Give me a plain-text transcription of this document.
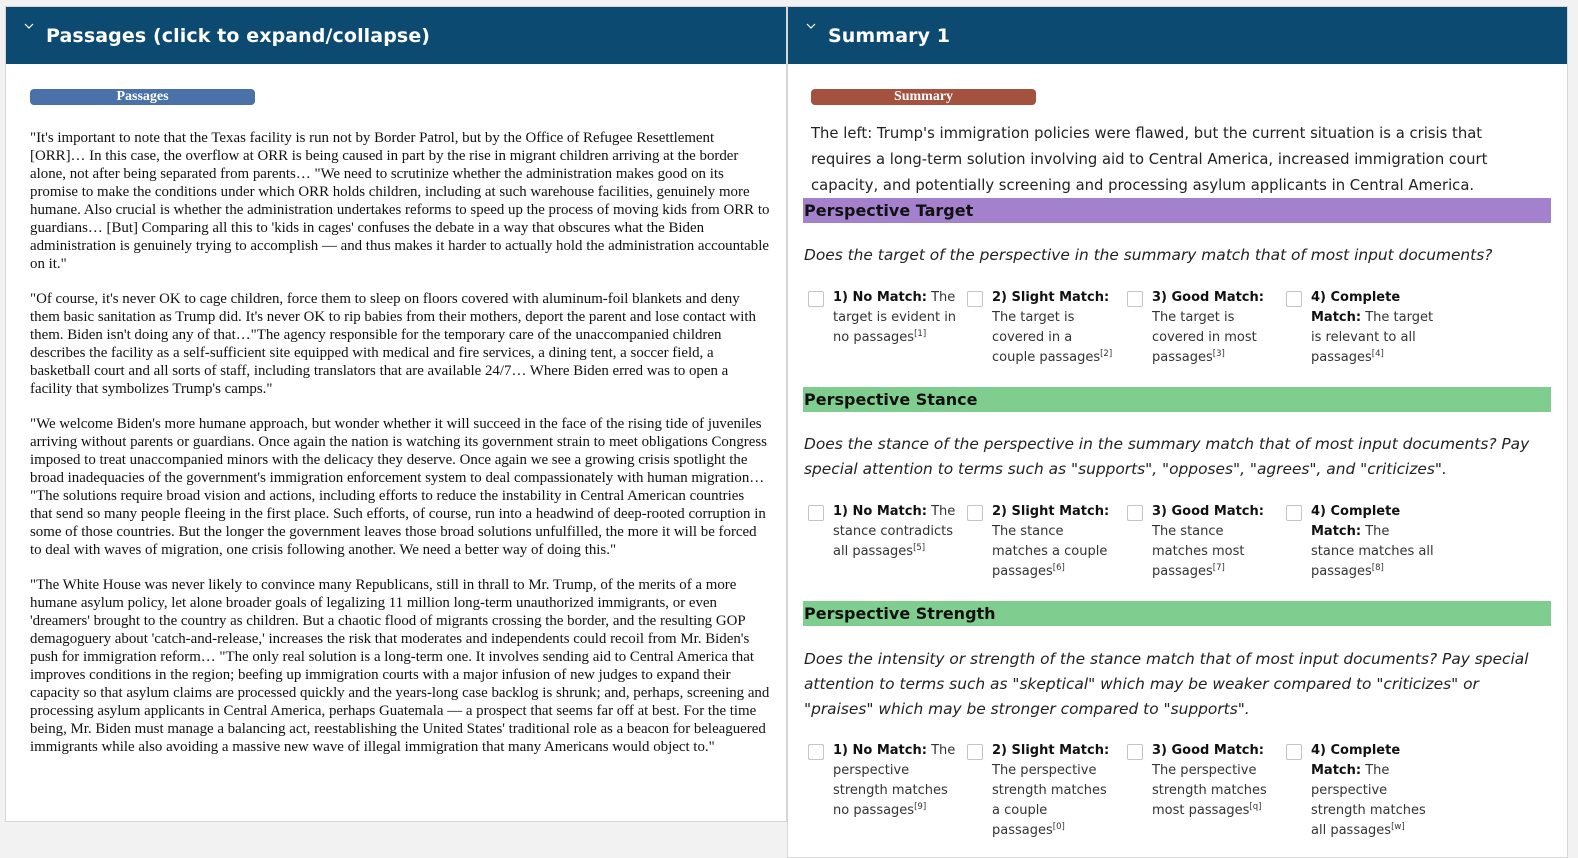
Passages (click to expand/collapse)
Passages

"It's important to note that the Texas facility is run not by Border Patrol, but by the Office of Refugee Resettlement [ORR]… In this case, the overflow at ORR is being caused in part by the rise in migrant children arriving at the border alone, not after being separated from parents… "We need to scrutinize whether the administration makes good on its promise to make the conditions under which ORR holds children, including at such warehouse facilities, genuinely more humane. Also crucial is whether the administration undertakes reforms to speed up the process of moving kids from ORR to guardians… [But] Comparing all this to 'kids in cages' confuses the debate in a way that obscures what the Biden administration is genuinely trying to accomplish — and thus makes it harder to actually hold the administration accountable on it."

"Of course, it's never OK to cage children, force them to sleep on floors covered with aluminum-foil blankets and deny them basic sanitation as Trump did. It's never OK to rip babies from their mothers, deport the parent and lose contact with them. Biden isn't doing any of that…"The agency responsible for the temporary care of the unaccompanied children describes the facility as a self-sufficient site equipped with medical and fire services, a dining tent, a soccer field, a basketball court and all sorts of staff, including translators that are available 24/7… Where Biden erred was to open a facility that symbolizes Trump's camps."

"We welcome Biden's more humane approach, but wonder whether it will succeed in the face of the rising tide of juveniles arriving without parents or guardians. Once again the nation is watching its government strain to meet obligations Congress imposed to treat unaccompanied minors with the delicacy they deserve. Once again we see a growing crisis spotlight the broad inadequacies of the government's immigration enforcement system to deal compassionately with human migration… "The solutions require broad vision and actions, including efforts to reduce the instability in Central American countries that send so many people fleeing in the first place. Such efforts, of course, run into a headwind of deep-rooted corruption in some of those countries. But the longer the government leaves those broad solutions unfulfilled, the more it will be forced to deal with waves of migration, one crisis following another. We need a better way of doing this."

"The White House was never likely to convince many Republicans, still in thrall to Mr. Trump, of the merits of a more humane asylum policy, let alone broader goals of legalizing 11 million long-term unauthorized immigrants, or even 'dreamers' brought to the country as children. But a chaotic flood of migrants crossing the border, and the resulting GOP demagoguery about 'catch-and-release,' increases the risk that moderates and independents could recoil from Mr. Biden's push for immigration reform… "The only real solution is a long-term one. It involves sending aid to Central America that improves conditions in the region; beefing up immigration courts with a major infusion of new judges to expand their capacity so that asylum claims are processed quickly and the years-long case backlog is shrunk; and, perhaps, screening and processing asylum applicants in Central America, perhaps Guatemala — a prospect that seems far off at best. For the time being, Mr. Biden must manage a balancing act, reestablishing the United States' traditional role as a beacon for beleaguered immigrants while also avoiding a massive new wave of illegal immigration that many Americans would object to."

Summary 1
Summary
The left: Trump's immigration policies were flawed, but the current situation is a crisis that requires a long-term solution involving aid to Central America, increased immigration court capacity, and potentially screening and processing asylum applicants in Central America.
Perspective Target
Does the target of the perspective in the summary match that of most input documents?
1) No Match: The target is evident in no passages[1]
2) Slight Match: The target is covered in a couple passages[2]
3) Good Match: The target is covered in most passages[3]
4) Complete Match: The target is relevant to all passages[4]
Perspective Stance
Does the stance of the perspective in the summary match that of most input documents? Pay special attention to terms such as "supports", "opposes", "agrees", and "criticizes".
1) No Match: The stance contradicts all passages[5]
2) Slight Match: The stance matches a couple passages[6]
3) Good Match: The stance matches most passages[7]
4) Complete Match: The stance matches all passages[8]
Perspective Strength
Does the intensity or strength of the stance match that of most input documents? Pay special attention to terms such as "skeptical" which may be weaker compared to "criticizes" or "praises" which may be stronger compared to "supports".
1) No Match: The perspective strength matches no passages[9]
2) Slight Match: The perspective strength matches a couple passages[0]
3) Good Match: The perspective strength matches most passages[q]
4) Complete Match: The perspective strength matches all passages[w]
